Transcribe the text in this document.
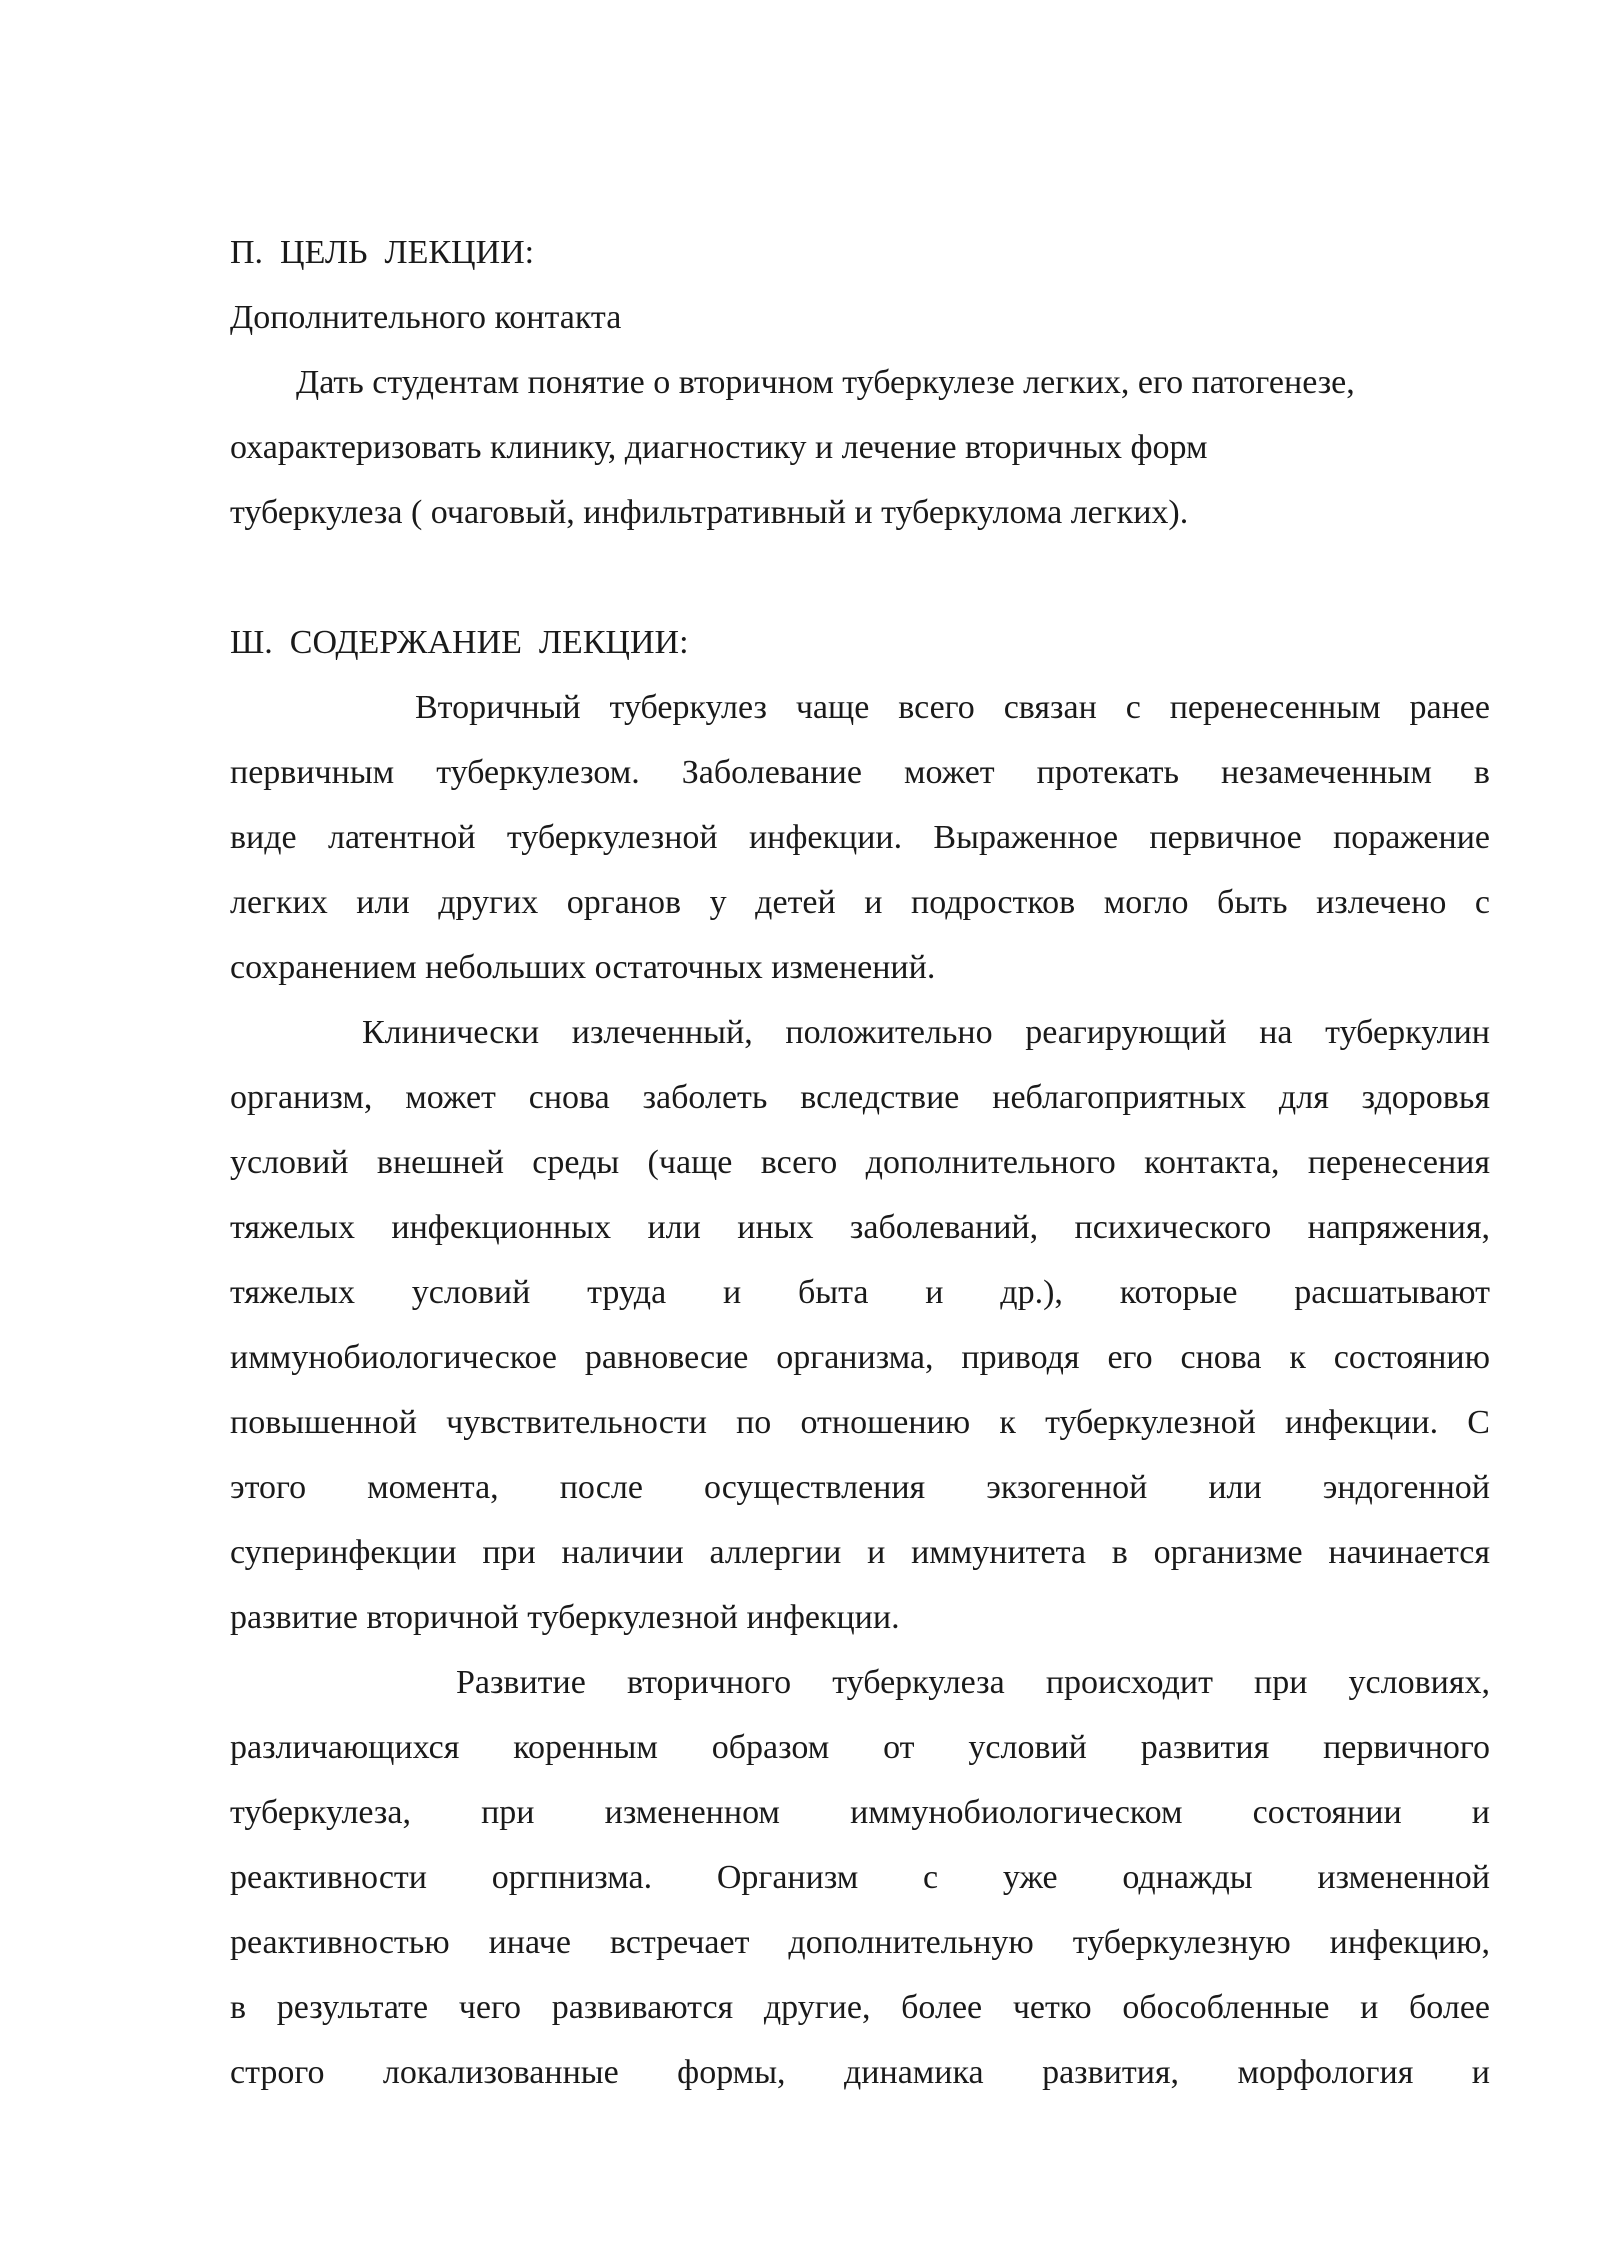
П.  ЦЕЛЬ  ЛЕКЦИИ:

Дополнительного контакта

Дать студентам понятие о вторичном туберкулезе легких, его патогенезе,

охарактеризовать клинику, диагностику и лечение вторичных форм

туберкулеза ( очаговый, инфильтративный и туберкулома легких).

Ш.  СОДЕРЖАНИЕ  ЛЕКЦИИ:

Вторичный туберкулез чаще всего связан с перенесенным ранее

первичным туберкулезом. Заболевание может протекать незамеченным в

виде латентной туберкулезной инфекции. Выраженное первичное поражение

легких или других органов у детей и подростков могло быть излечено с

сохранением небольших остаточных изменений.

Клинически излеченный, положительно реагирующий на туберкулин

организм, может снова заболеть вследствие неблагоприятных для здоровья

условий внешней среды (чаще всего дополнительного контакта, перенесения

тяжелых инфекционных или иных заболеваний, психического напряжения,

тяжелых условий труда и быта и др.), которые расшатывают

иммунобиологическое равновесие организма, приводя его снова к состоянию

повышенной чувствительности по отношению к туберкулезной инфекции. С

этого момента, после осуществления экзогенной или эндогенной

суперинфекции при наличии аллергии и иммунитета в организме начинается

развитие вторичной туберкулезной инфекции.

Развитие вторичного туберкулеза происходит при условиях,

различающихся коренным образом от условий развития первичного

туберкулеза, при измененном иммунобиологическом состоянии и

реактивности оргпнизма. Организм с уже однажды измененной

реактивностью иначе встречает дополнительную туберкулезную инфекцию,

в результате чего развиваются другие, более четко обособленные и более

строго локализованные формы, динамика развития, морфология и
